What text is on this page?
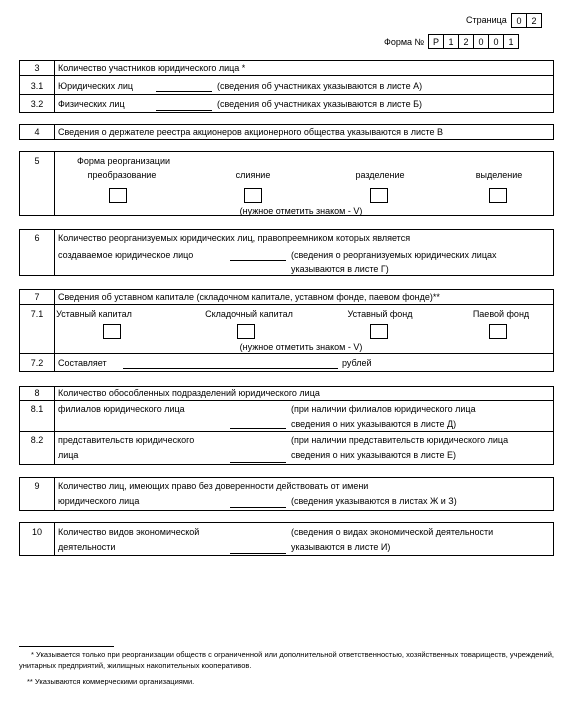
Страница	0	2
Форма № Р	1	2	0	0	1
3	Количество участников юридического лица *
3.1	Юридических лиц	(сведения об участниках указываются в листе А)
3.2	Физических лиц	(сведения об участниках указываются в листе Б)
4	Сведения о держателе реестра акционеров акционерного общества указываются в листе В
5	Форма реорганизации
преобразование	слияние	разделение	выделение
(нужное отметить знаком - V)
6	Количество реорганизуемых юридических лиц, правопреемником которых является
создаваемое юридическое лицо	(сведения о реорганизуемых юридических лицах
указываются в листе Г)
7	Сведения об уставном капитале (складочном капитале, уставном фонде, паевом фонде)**
7.1	Уставный капитал	Складочный капитал	Уставный фонд	Паевой фонд
(нужное отметить знаком - V)
7.2	Составляет	рублей
8	Количество обособленных подразделений юридического лица
8.1	филиалов юридического лица	(при наличии филиалов юридического лица
сведения о них указываются в листе Д)
8.2	представительств юридического
лица
(при наличии представительств юридического лица
сведения о них указываются в листе Е)
9	Количество лиц, имеющих право без доверенности действовать от имени
юридического лица	(сведения указываются в листах Ж и З)
10	Количество видов экономической
деятельности
(сведения о видах экономической деятельности
указываются в листе И)
* Указывается только при реорганизации обществ с ограниченной или дополнительной ответственностью, хозяйственных товариществ, учреждений, унитарных предприятий, жилищных накопительных кооперативов.
** Указываются коммерческими организациями.
